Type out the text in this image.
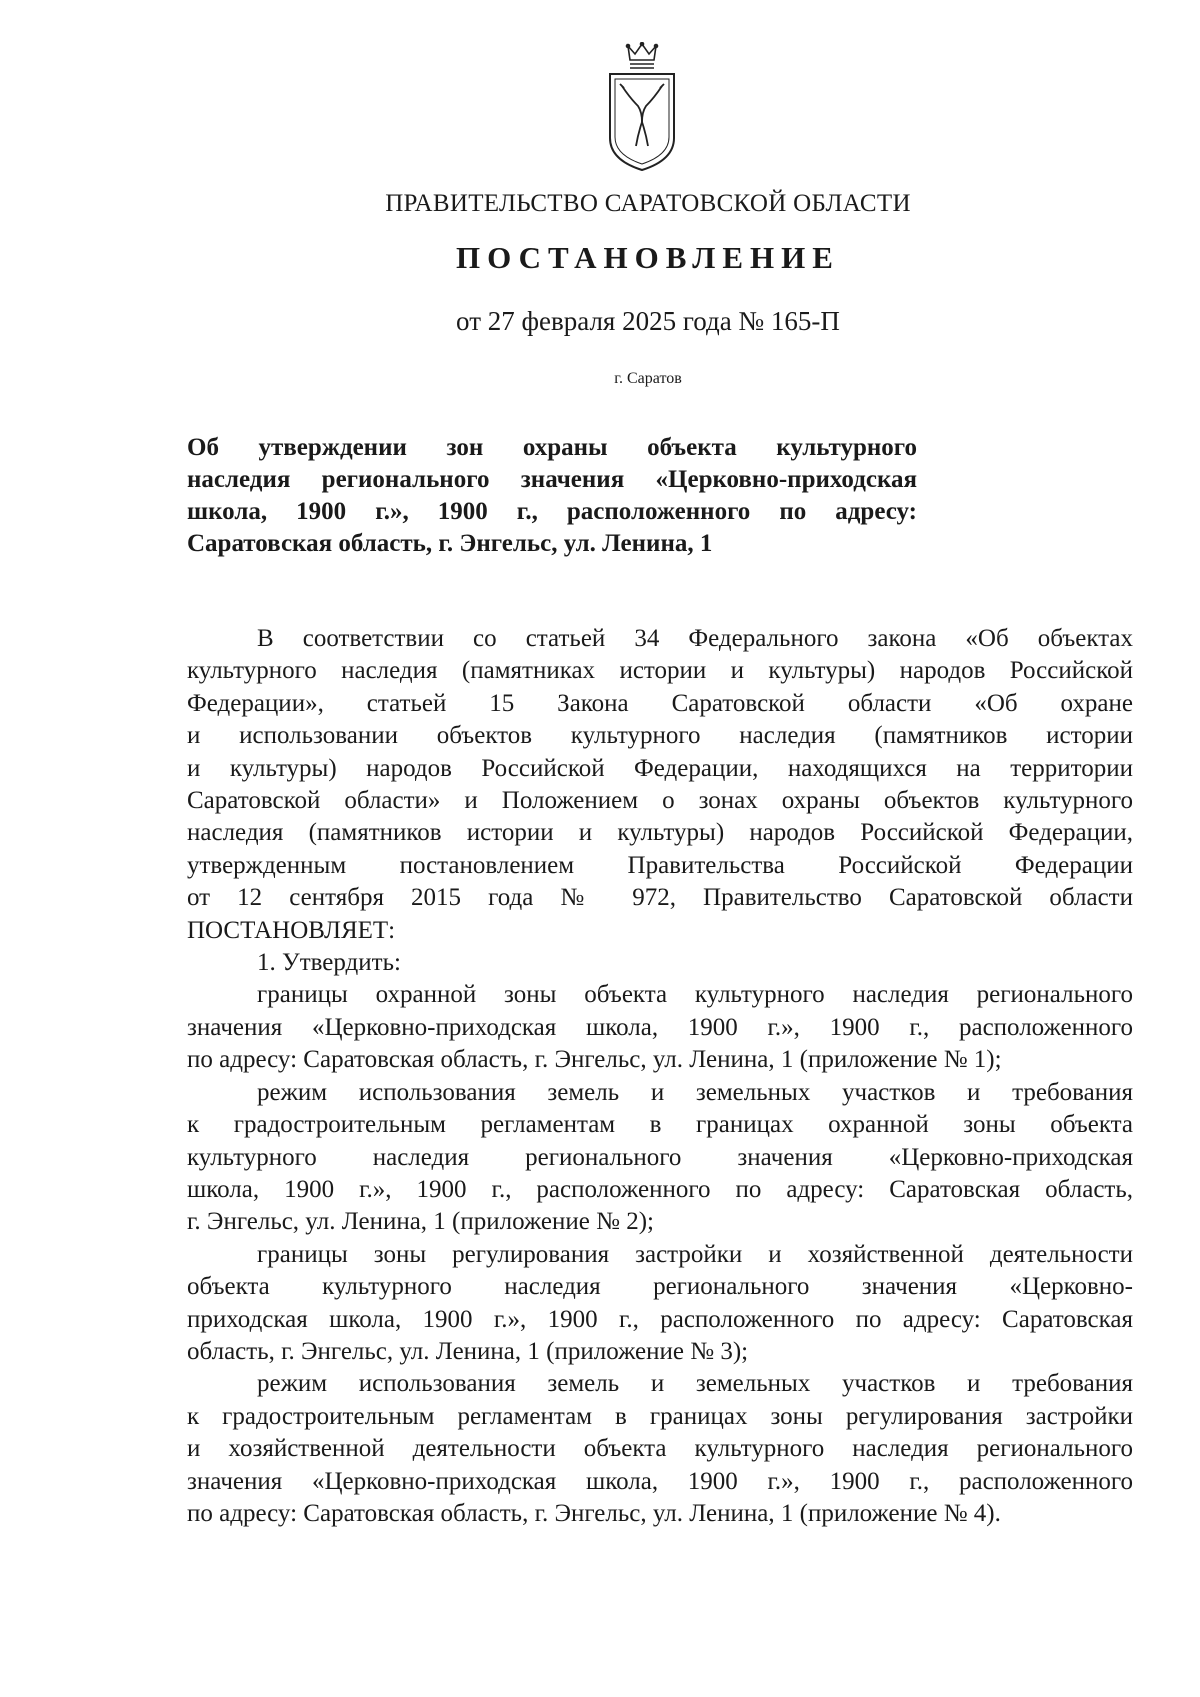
ПРАВИТЕЛЬСТВО САРАТОВСКОЙ ОБЛАСТИ
ПОСТАНОВЛЕНИЕ
от 27 февраля 2025 года № 165-П
г. Саратов
Об утверждении зон охраны объекта культурного
наследия регионального значения «Церковно-приходская
школа, 1900 г.», 1900 г., расположенного по адресу:
Саратовская область, г. Энгельс, ул. Ленина, 1
В соответствии со статьей 34 Федерального закона «Об объектах
культурного наследия (памятниках истории и культуры) народов Российской
Федерации», статьей 15 Закона Саратовской области «Об охране
и использовании объектов культурного наследия (памятников истории
и культуры) народов Российской Федерации, находящихся на территории
Саратовской области» и Положением о зонах охраны объектов культурного
наследия (памятников истории и культуры) народов Российской Федерации,
утвержденным постановлением Правительства Российской Федерации
от 12 сентября 2015 года № 972, Правительство Саратовской области
ПОСТАНОВЛЯЕТ:
1. Утвердить:
границы охранной зоны объекта культурного наследия регионального
значения «Церковно-приходская школа, 1900 г.», 1900 г., расположенного
по адресу: Саратовская область, г. Энгельс, ул. Ленина, 1 (приложение № 1);
режим использования земель и земельных участков и требования
к градостроительным регламентам в границах охранной зоны объекта
культурного наследия регионального значения «Церковно-приходская
школа, 1900 г.», 1900 г., расположенного по адресу: Саратовская область,
г. Энгельс, ул. Ленина, 1 (приложение № 2);
границы зоны регулирования застройки и хозяйственной деятельности
объекта культурного наследия регионального значения «Церковно-
приходская школа, 1900 г.», 1900 г., расположенного по адресу: Саратовская
область, г. Энгельс, ул. Ленина, 1 (приложение № 3);
режим использования земель и земельных участков и требования
к градостроительным регламентам в границах зоны регулирования застройки
и хозяйственной деятельности объекта культурного наследия регионального
значения «Церковно-приходская школа, 1900 г.», 1900 г., расположенного
по адресу: Саратовская область, г. Энгельс, ул. Ленина, 1 (приложение № 4).
